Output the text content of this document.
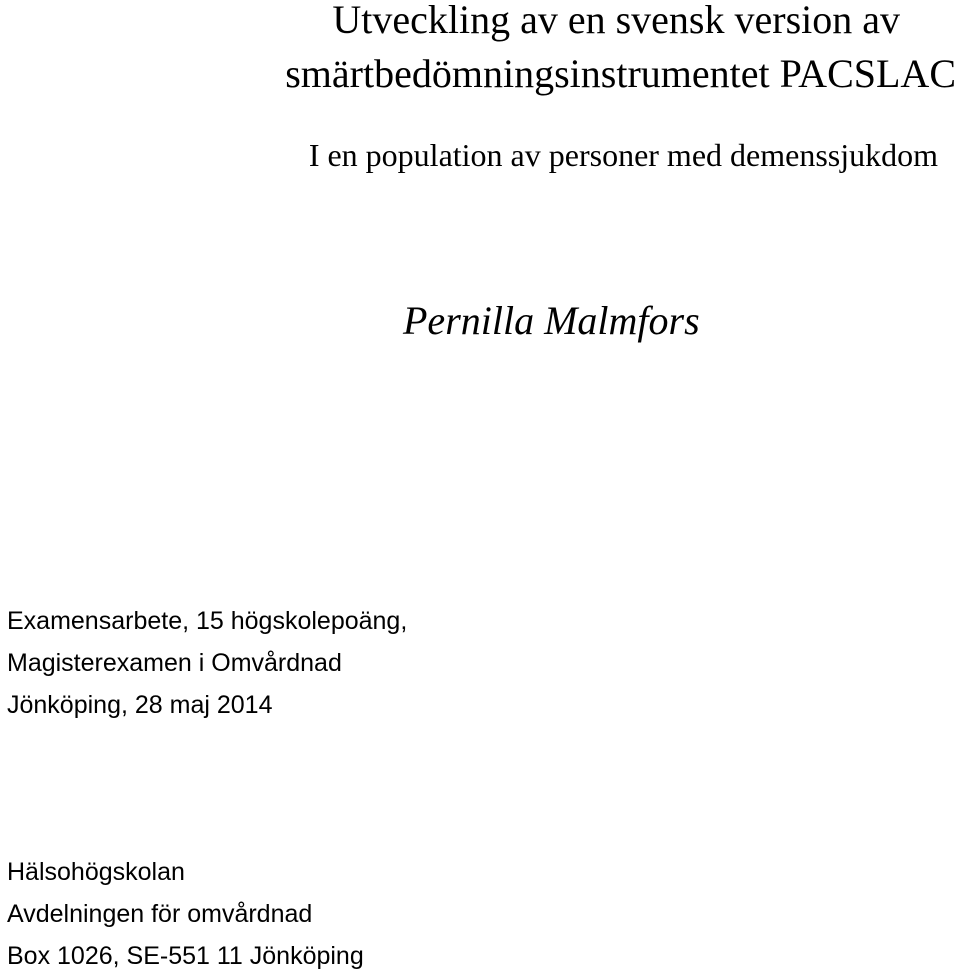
Utveckling av en svensk version av
smärtbedömningsinstrumentet PACSLAC
I en population av personer med demenssjukdom
Pernilla Malmfors
Examensarbete, 15 högskolepoäng,
Magisterexamen i Omvårdnad
Jönköping, 28 maj 2014
Hälsohögskolan
Avdelningen för omvårdnad
Box 1026, SE-551 11 Jönköping
